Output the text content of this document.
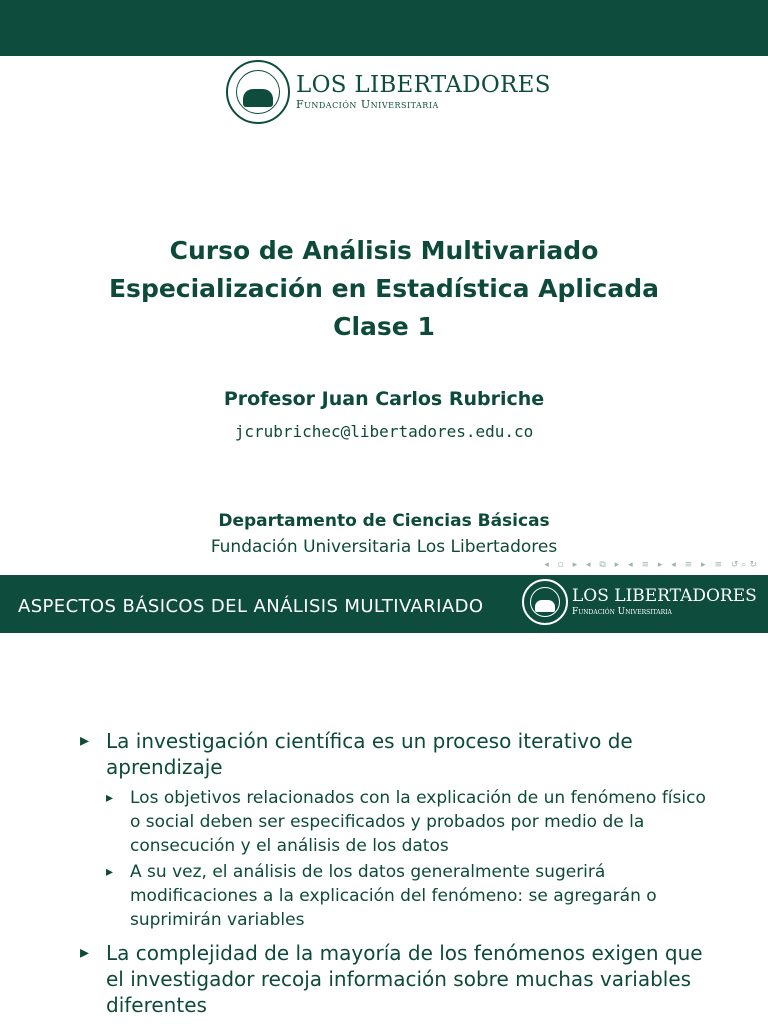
LOS LIBERTADORES
Fundación Universitaria
Curso de Análisis Multivariado
Especialización en Estadística Aplicada
Clase 1
Profesor Juan Carlos Rubriche
jcrubrichec@libertadores.edu.co
Departamento de Ciencias Básicas
Fundación Universitaria Los Libertadores
◂ ▫ ▸ ◂ ⧉ ▸ ◂ ≡ ▸ ◂ ≡ ▸ ≡ ↺⌕↻
ASPECTOS BÁSICOS DEL ANÁLISIS MULTIVARIADO	LOS LIBERTADORES
Fundación Universitaria
▸ La investigación científica es un proceso iterativo de aprendizaje
▸ Los objetivos relacionados con la explicación de un fenómeno físico o social deben ser especificados y probados por medio de la consecución y el análisis de los datos
▸ A su vez, el análisis de los datos generalmente sugerirá modificaciones a la explicación del fenómeno: se agregarán o suprimirán variables
▸ La complejidad de la mayoría de los fenómenos exigen que el investigador recoja información sobre muchas variables diferentes
